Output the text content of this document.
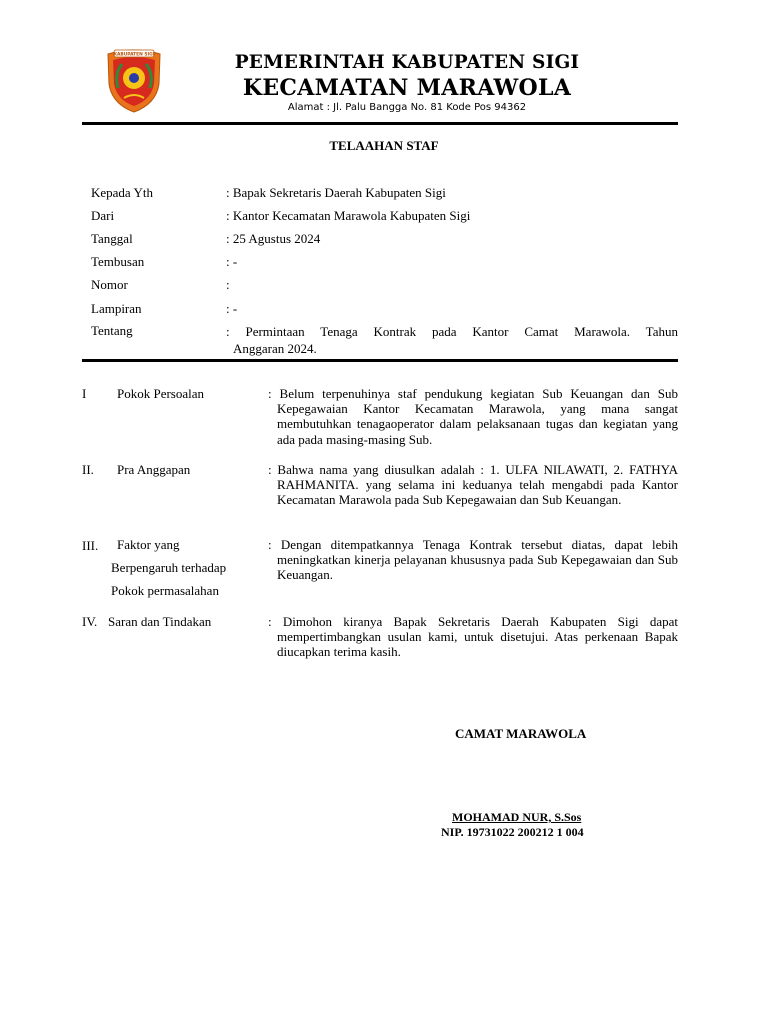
KABUPATEN SIGI	PEMERINTAH KABUPATEN SIGI
KECAMATAN MARAWOLA
Alamat : Jl. Palu Bangga No. 81 Kode Pos 94362
TELAAHAN STAF
Kepada Yth	: Bapak Sekretaris Daerah Kabupaten Sigi
Dari	: Kantor Kecamatan Marawola Kabupaten Sigi
Tanggal	: 25 Agustus 2024
Tembusan	: -
Nomor	:
Lampiran	: -
Tentang	: Permintaan Tenaga Kontrak pada Kantor Camat Marawola. Tahun
Anggaran 2024.
I Pokok Persoalan	: Belum terpenuhinya staf pendukung kegiatan Sub Keuangan dan Sub Kepegawaian Kantor Kecamatan Marawola, yang mana sangat membutuhkan tenagaoperator dalam pelaksanaan tugas dan kegiatan yang ada pada masing-masing Sub.
II. Pra Anggapan	: Bahwa nama yang diusulkan adalah : 1. ULFA NILAWATI, 2. FATHYA RAHMANITA. yang selama ini keduanya telah mengabdi pada Kantor Kecamatan Marawola pada Sub Kepegawaian dan Sub Keuangan.
III. Faktor yang
Berpengaruh terhadap
Pokok permasalahan
: Dengan ditempatkannya Tenaga Kontrak tersebut diatas, dapat lebih meningkatkan kinerja pelayanan khususnya pada Sub Kepegawaian dan Sub Keuangan.
IV. Saran dan Tindakan	: Dimohon kiranya Bapak Sekretaris Daerah Kabupaten Sigi dapat mempertimbangkan usulan kami, untuk disetujui. Atas perkenaan Bapak diucapkan terima kasih.
CAMAT MARAWOLA
MOHAMAD NUR, S.Sos
NIP. 19731022 200212 1 004
